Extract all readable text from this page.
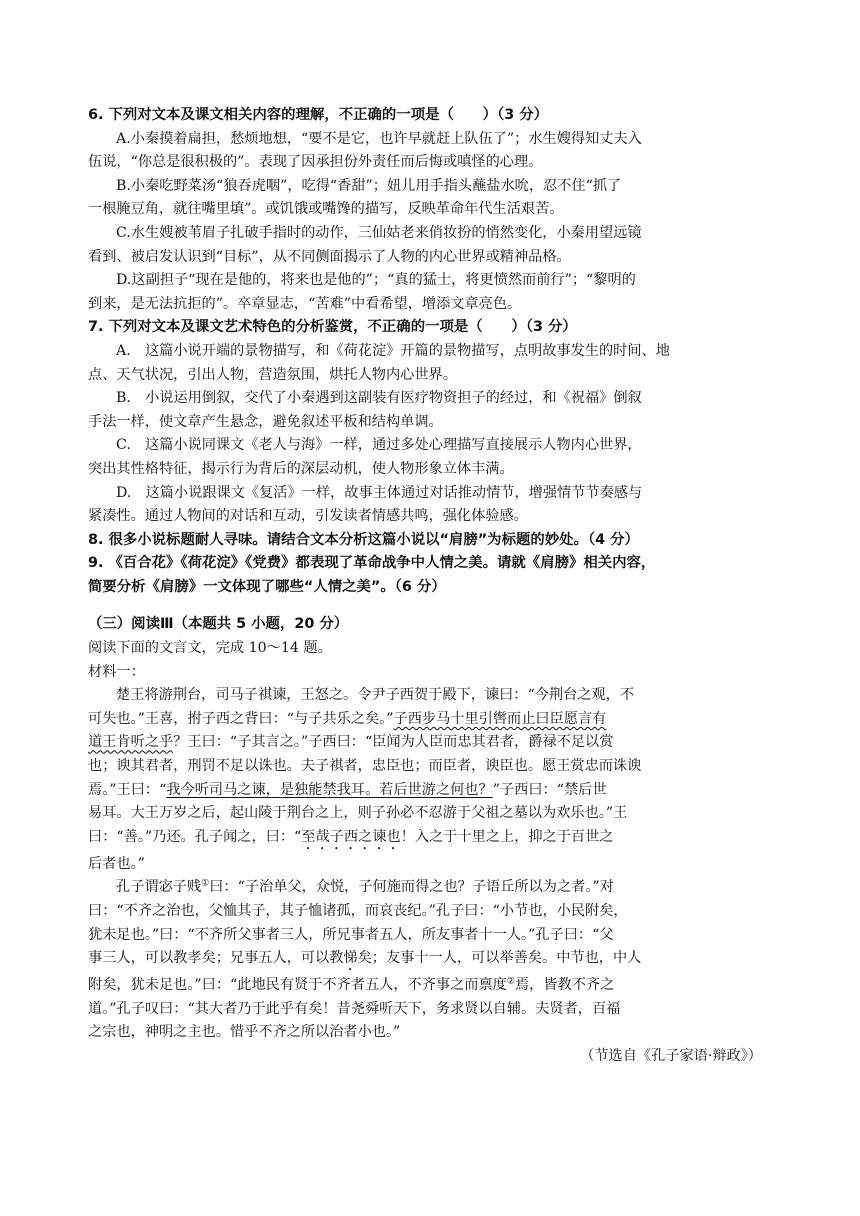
6. 下列对文本及课文相关内容的理解，不正确的一项是（　　）（3 分）
A.小秦摸着扁担，愁烦地想，“要不是它，也许早就赶上队伍了”；水生嫂得知丈夫入
伍说，“你总是很积极的”。表现了因承担份外责任而后悔或嗔怪的心理。
B.小秦吃野菜汤“狼吞虎咽”，吃得“香甜”；妞儿用手指头蘸盐水吮，忍不住“抓了
一根腌豆角，就往嘴里填”。或饥饿或嘴馋的描写，反映革命年代生活艰苦。
C.水生嫂被苇眉子扎破手指时的动作，三仙姑老来俏妆扮的悄然变化，小秦用望远镜
看到、被启发认识到“目标”，从不同侧面揭示了人物的内心世界或精神品格。
D.这副担子“现在是他的，将来也是他的”；“真的猛士，将更愤然而前行”；“黎明的
到来，是无法抗拒的”。卒章显志，“苦难”中看希望，增添文章亮色。
7. 下列对文本及课文艺术特色的分析鉴赏，不正确的一项是（　　）（3 分）
A.　这篇小说开端的景物描写，和《荷花淀》开篇的景物描写，点明故事发生的时间、地
点、天气状况，引出人物，营造氛围，烘托人物内心世界。
B.　小说运用倒叙，交代了小秦遇到这副装有医疗物资担子的经过，和《祝福》倒叙
手法一样，使文章产生悬念，避免叙述平板和结构单调。
C.　这篇小说同课文《老人与海》一样，通过多处心理描写直接展示人物内心世界，
突出其性格特征，揭示行为背后的深层动机，使人物形象立体丰满。
D.　这篇小说跟课文《复活》一样，故事主体通过对话推动情节，增强情节节奏感与
紧凑性。通过人物间的对话和互动，引发读者情感共鸣，强化体验感。
8. 很多小说标题耐人寻味。请结合文本分析这篇小说以“肩膀”为标题的妙处。（4 分）
9. 《百合花》《荷花淀》《党费》都表现了革命战争中人情之美。请就《肩膀》相关内容，
简要分析《肩膀》一文体现了哪些“人情之美”。（6 分）
（三）阅读Ⅲ（本题共 5 小题，20 分）
阅读下面的文言文，完成 10～14 题。
材料一：
楚王将游荆台，司马子祺谏，王怒之。令尹子西贺于殿下，谏曰：“今荆台之观，不
可失也。”王喜，拊子西之背曰：“与子共乐之矣。”子西步马十里引辔而止曰臣愿言有
道王肯听之乎？王曰：“子其言之。”子西曰：“臣闻为人臣而忠其君者，爵禄不足以赏
也；谀其君者，刑罚不足以诛也。夫子祺者，忠臣也；而臣者，谀臣也。愿王赏忠而诛谀
焉。”王曰：“我今听司马之谏，是独能禁我耳。若后世游之何也？”子西曰：“禁后世
易耳。大王万岁之后，起山陵于荆台之上，则子孙必不忍游于父祖之墓以为欢乐也。”王
曰：“善。”乃还。孔子闻之，曰：“至哉子西之谏也！入之于十里之上，抑之于百世之
后者也。”
孔子谓宓子贱①曰：“子治单父，众悦，子何施而得之也？子语丘所以为之者。”对
曰：“不齐之治也，父恤其子，其子恤诸孤，而哀丧纪。”孔子曰：“小节也，小民附矣，
犹未足也。”曰：“不齐所父事者三人，所兄事者五人，所友事者十一人。”孔子曰：“父
事三人，可以教孝矣；兄事五人，可以教悌矣；友事十一人，可以举善矣。中节也，中人
附矣，犹未足也。”曰：“此地民有贤于不齐者五人，不齐事之而禀度②焉，皆教不齐之
道。”孔子叹曰：“其大者乃于此乎有矣！昔尧舜听天下，务求贤以自辅。夫贤者，百福
之宗也，神明之主也。惜乎不齐之所以治者小也。”
（节选自《孔子家语·辩政》）
